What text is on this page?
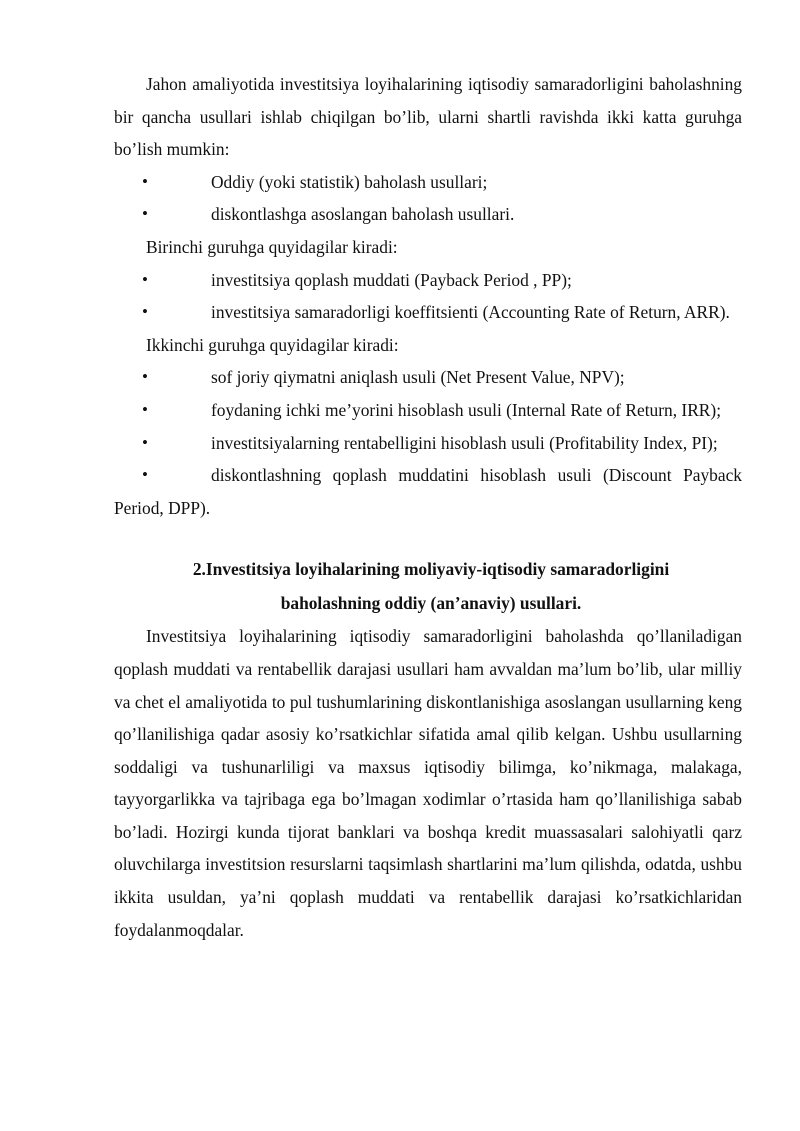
Jahon amaliyotida investitsiya loyihalarining iqtisodiy samaradorligini baholashning bir qancha usullari ishlab chiqilgan bo’lib, ularni shartli ravishda ikki katta guruhga bo’lish mumkin:

•	Oddiy (yoki statistik) baholash usullari;

•	diskontlashga asoslangan baholash usullari.

Birinchi guruhga quyidagilar kiradi:

•	investitsiya qoplash muddati (Payback Period , PP);

•	investitsiya samaradorligi koeffitsienti (Accounting Rate of Return, ARR).

Ikkinchi guruhga quyidagilar kiradi:

•	sof joriy qiymatni aniqlash usuli (Net Present Value, NPV);

•	foydaning ichki me’yorini hisoblash usuli (Internal Rate of Return, IRR);

•	investitsiyalarning rentabelligini hisoblash usuli (Profitability Index, PI);

•	diskontlashning qoplash muddatini hisoblash usuli (Discount Payback Period, DPP).

2.Investitsiya loyihalarining moliyaviy-iqtisodiy samaradorligini
baholashning oddiy (an’anaviy) usullari.

Investitsiya loyihalarining iqtisodiy samaradorligini baholashda qo’llaniladigan qoplash muddati va rentabellik darajasi usullari ham avvaldan ma’lum bo’lib, ular milliy va chet el amaliyotida to pul tushumlarining diskontlanishiga asoslangan usullarning keng qo’llanilishiga qadar asosiy ko’rsatkichlar sifatida amal qilib kelgan. Ushbu usullarning soddaligi va tushunarliligi va maxsus iqtisodiy bilimga, ko’nikmaga, malakaga, tayyorgarlikka va tajribaga ega bo’lmagan xodimlar o’rtasida ham qo’llanilishiga sabab bo’ladi. Hozirgi kunda tijorat banklari va boshqa kredit muassasalari salohiyatli qarz oluvchilarga investitsion resurslarni taqsimlash shartlarini ma’lum qilishda, odatda, ushbu ikkita usuldan, ya’ni qoplash muddati va rentabellik darajasi ko’rsatkichlaridan foydalanmoqdalar.
